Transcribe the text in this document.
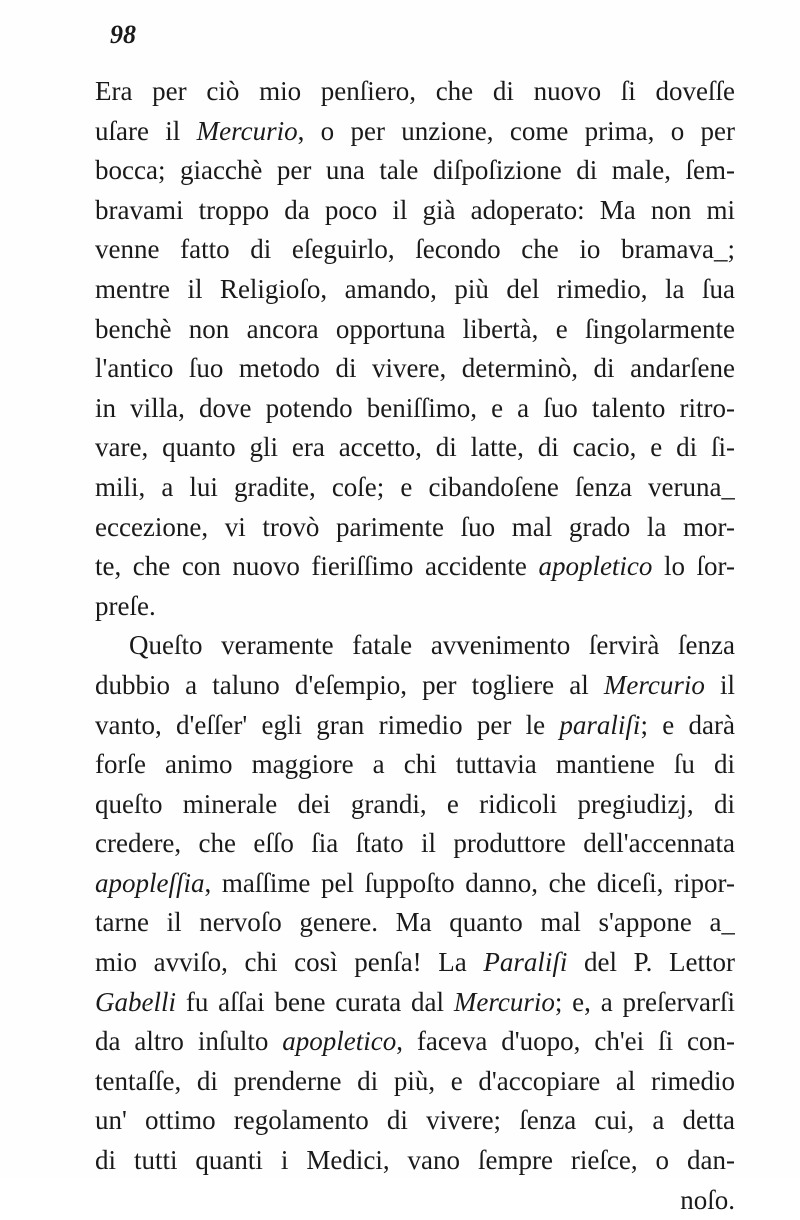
98
Era per ciò mio penſiero, che di nuovo ſi doveſſe
uſare il Mercurio, o per unzione, come prima, o per
bocca; giacchè per una tale diſpoſizione di male, ſem-
bravami troppo da poco il già adoperato: Ma non mi
venne fatto di eſeguirlo, ſecondo che io bramava_;
mentre il Religioſo, amando, più del rimedio, la ſua
benchè non ancora opportuna libertà, e ſingolarmente
l'antico ſuo metodo di vivere, determinò, di andarſene
in villa, dove potendo beniſſimo, e a ſuo talento ritro-
vare, quanto gli era accetto, di latte, di cacio, e di ſi-
mili, a lui gradite, coſe; e cibandoſene ſenza veruna_
eccezione, vi trovò parimente ſuo mal grado la mor-
te, che con nuovo fieriſſimo accidente apopletico lo ſor-
preſe.
Queſto veramente fatale avvenimento ſervirà ſenza
dubbio a taluno d'eſempio, per togliere al Mercurio il
vanto, d'eſſer' egli gran rimedio per le paraliſi; e darà
forſe animo maggiore a chi tuttavia mantiene ſu di
queſto minerale dei grandi, e ridicoli pregiudizj, di
credere, che eſſo ſia ſtato il produttore dell'accennata
apopleſſia, maſſime pel ſuppoſto danno, che diceſi, ripor-
tarne il nervoſo genere. Ma quanto mal s'appone a_
mio avviſo, chi così penſa! La Paraliſi del P. Lettor
Gabelli fu aſſai bene curata dal Mercurio; e, a preſervarſi
da altro inſulto apopletico, faceva d'uopo, ch'ei ſi con-
tentaſſe, di prenderne di più, e d'accopiare al rimedio
un' ottimo regolamento di vivere; ſenza cui, a detta
di tutti quanti i Medici, vano ſempre rieſce, o dan-
noſo.
